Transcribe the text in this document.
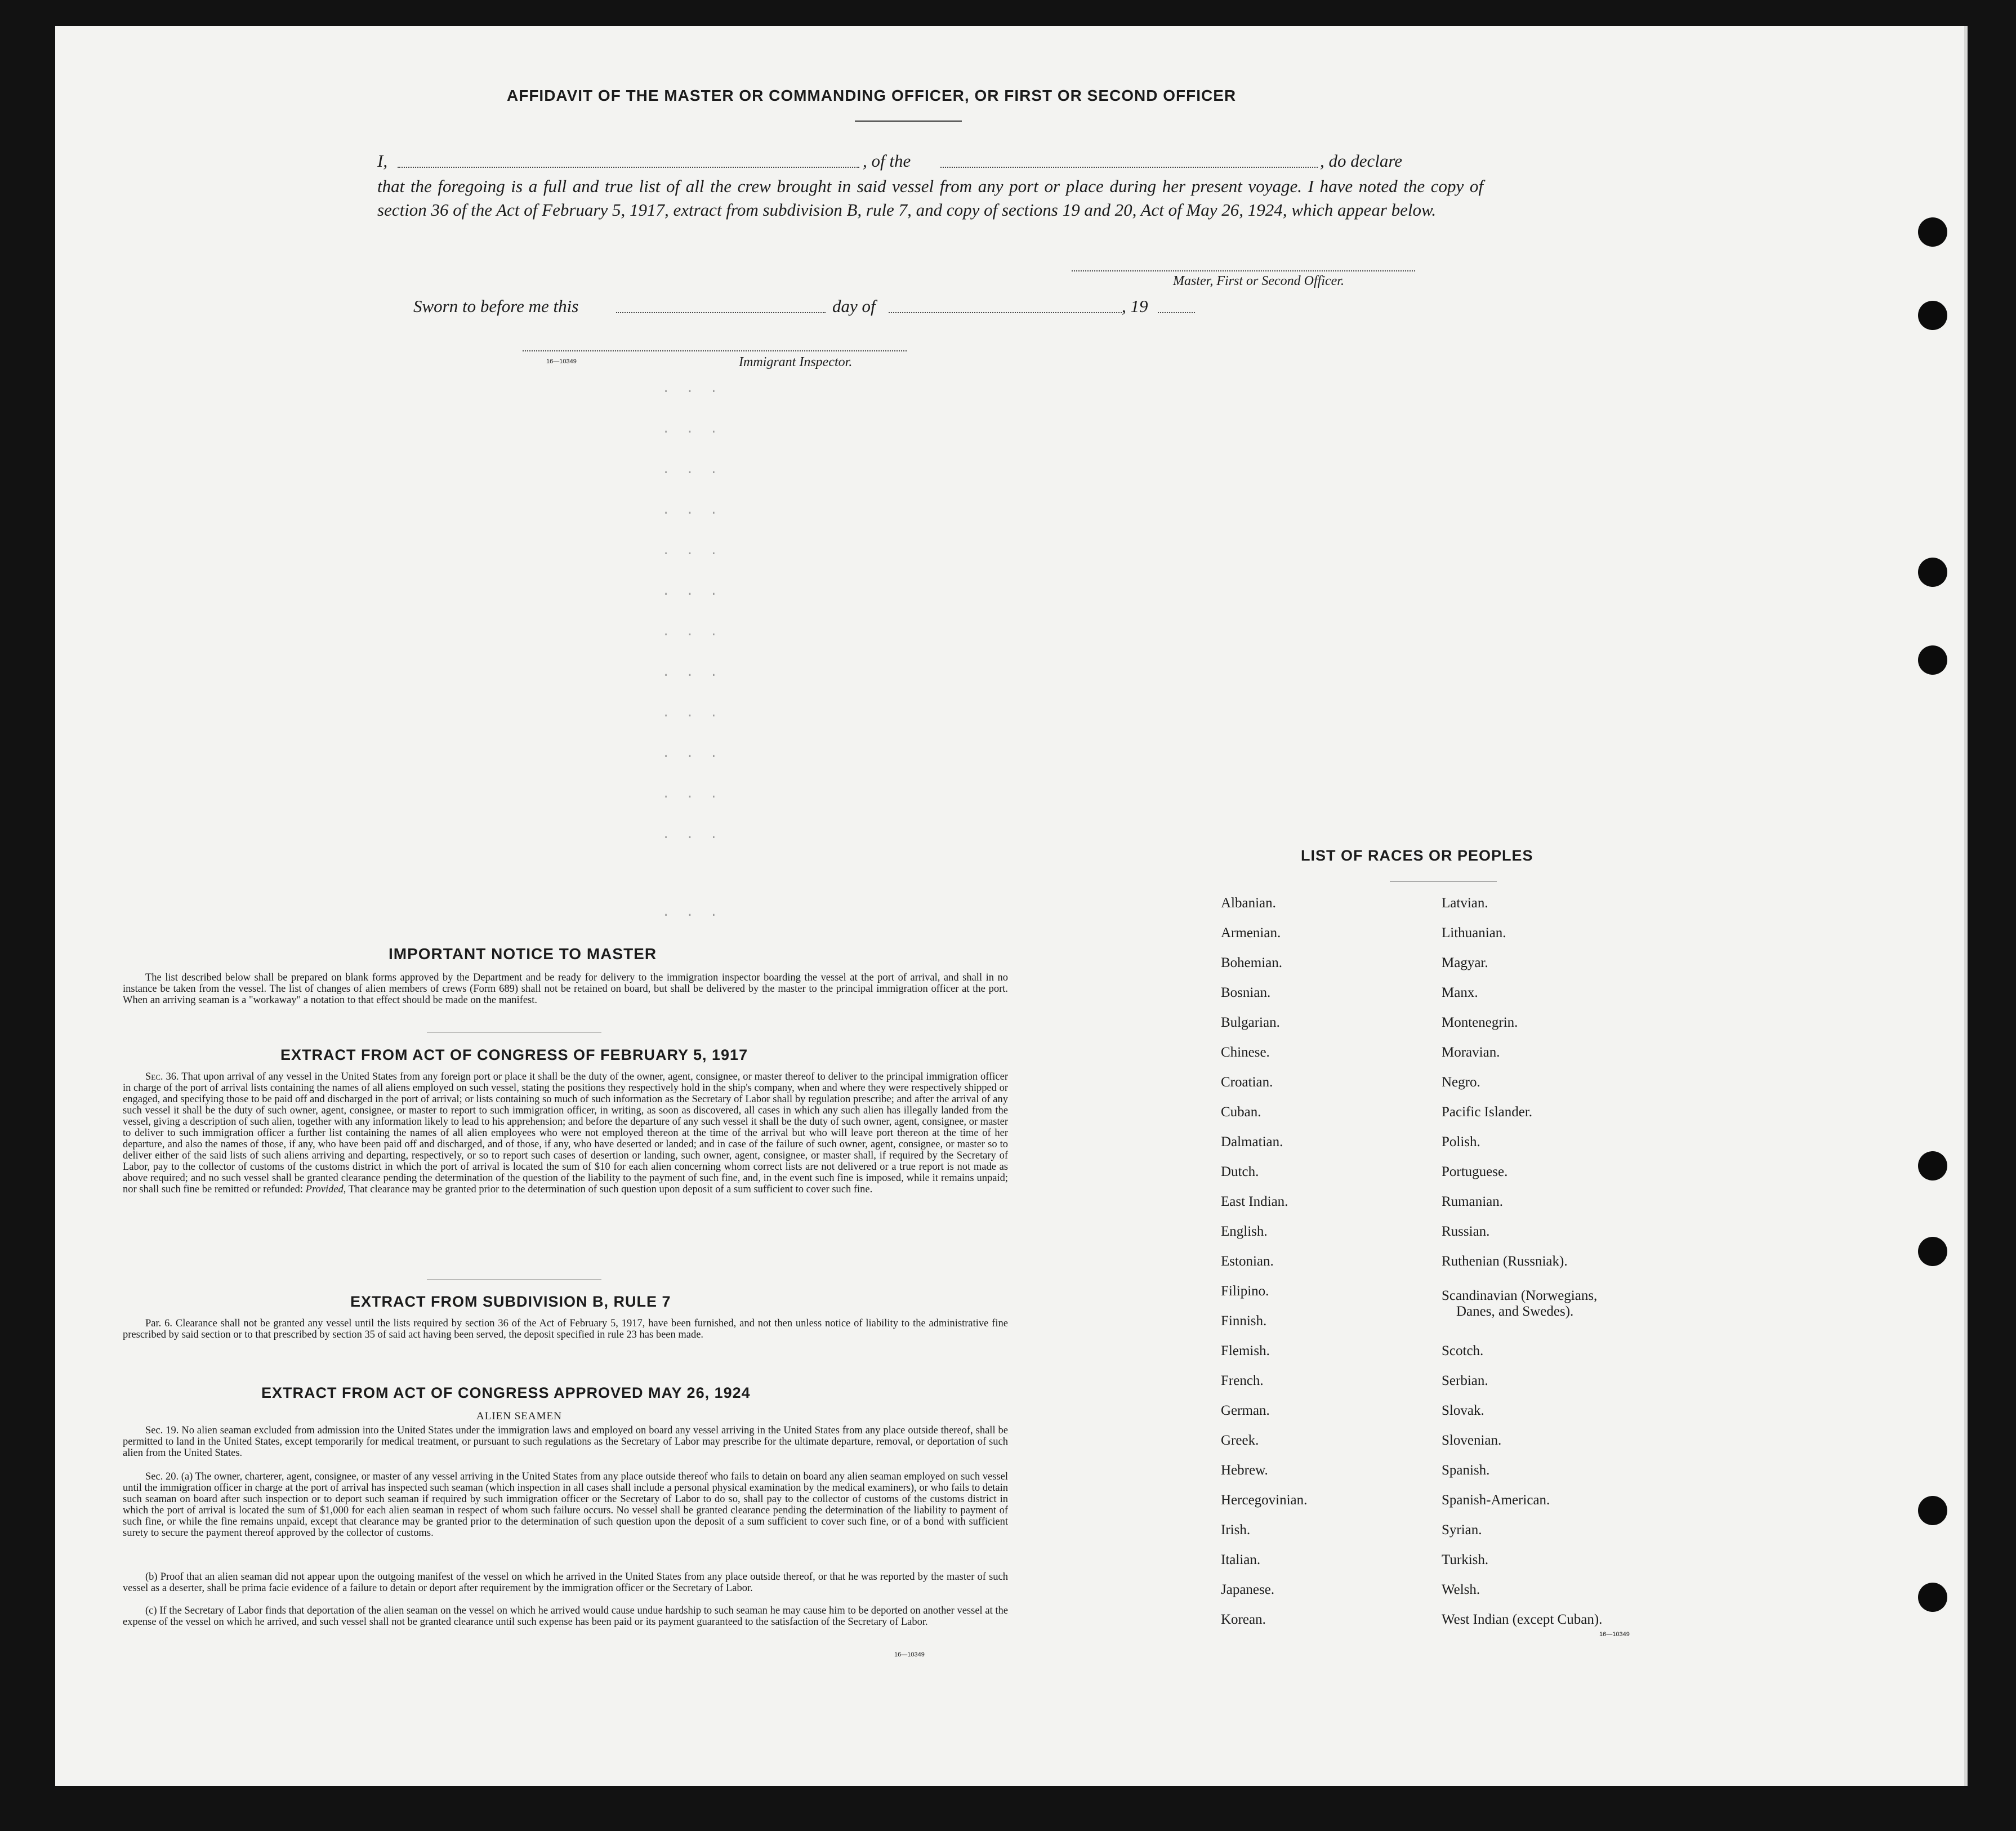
AFFIDAVIT OF THE MASTER OR COMMANDING OFFICER, OR FIRST OR SECOND OFFICER
I,	, of the	, do declare
that the foregoing is a full and true list of all the crew brought in said vessel from any port or place during her present voyage. I have noted the copy of section 36 of the Act of February 5, 1917, extract from subdivision B, rule 7, and copy of sections 19 and 20, Act of May 26, 1924, which appear below.
Master, First or Second Officer.
Sworn to before me this	day of	, 19
16—10349	Immigrant Inspector.
. . .
. . .
. . .
. . .
. . .
. . .
. . .
. . .
. . .
. . .
. . .
. . .
. . .
IMPORTANT NOTICE TO MASTER
The list described below shall be prepared on blank forms approved by the Department and be ready for delivery to the immigration inspector boarding the vessel at the port of arrival, and shall in no instance be taken from the vessel. The list of changes of alien members of crews (Form 689) shall not be retained on board, but shall be delivered by the master to the principal immigration officer at the port. When an arriving seaman is a "workaway" a notation to that effect should be made on the manifest.
EXTRACT FROM ACT OF CONGRESS OF FEBRUARY 5, 1917
Sec. 36. That upon arrival of any vessel in the United States from any foreign port or place it shall be the duty of the owner, agent, consignee, or master thereof to deliver to the principal immigration officer in charge of the port of arrival lists containing the names of all aliens employed on such vessel, stating the positions they respectively hold in the ship's company, when and where they were respectively shipped or engaged, and specifying those to be paid off and discharged in the port of arrival; or lists containing so much of such information as the Secretary of Labor shall by regulation prescribe; and after the arrival of any such vessel it shall be the duty of such owner, agent, consignee, or master to report to such immigration officer, in writing, as soon as discovered, all cases in which any such alien has illegally landed from the vessel, giving a description of such alien, together with any information likely to lead to his apprehension; and before the departure of any such vessel it shall be the duty of such owner, agent, consignee, or master to deliver to such immigration officer a further list containing the names of all alien employees who were not employed thereon at the time of the arrival but who will leave port thereon at the time of her departure, and also the names of those, if any, who have been paid off and discharged, and of those, if any, who have deserted or landed; and in case of the failure of such owner, agent, consignee, or master so to deliver either of the said lists of such aliens arriving and departing, respectively, or so to report such cases of desertion or landing, such owner, agent, consignee, or master shall, if required by the Secretary of Labor, pay to the collector of customs of the customs district in which the port of arrival is located the sum of $10 for each alien concerning whom correct lists are not delivered or a true report is not made as above required; and no such vessel shall be granted clearance pending the determination of the question of the liability to the payment of such fine, and, in the event such fine is imposed, while it remains unpaid; nor shall such fine be remitted or refunded: Provided, That clearance may be granted prior to the determination of such question upon deposit of a sum sufficient to cover such fine.
EXTRACT FROM SUBDIVISION B, RULE 7
Par. 6. Clearance shall not be granted any vessel until the lists required by section 36 of the Act of February 5, 1917, have been furnished, and not then unless notice of liability to the administrative fine prescribed by said section or to that prescribed by section 35 of said act having been served, the deposit specified in rule 23 has been made.
EXTRACT FROM ACT OF CONGRESS APPROVED MAY 26, 1924
ALIEN SEAMEN
Sec. 19. No alien seaman excluded from admission into the United States under the immigration laws and employed on board any vessel arriving in the United States from any place outside thereof, shall be permitted to land in the United States, except temporarily for medical treatment, or pursuant to such regulations as the Secretary of Labor may prescribe for the ultimate departure, removal, or deportation of such alien from the United States.
Sec. 20. (a) The owner, charterer, agent, consignee, or master of any vessel arriving in the United States from any place outside thereof who fails to detain on board any alien seaman employed on such vessel until the immigration officer in charge at the port of arrival has inspected such seaman (which inspection in all cases shall include a personal physical examination by the medical examiners), or who fails to detain such seaman on board after such inspection or to deport such seaman if required by such immigration officer or the Secretary of Labor to do so, shall pay to the collector of customs of the customs district in which the port of arrival is located the sum of $1,000 for each alien seaman in respect of whom such failure occurs. No vessel shall be granted clearance pending the determination of the liability to payment of such fine, or while the fine remains unpaid, except that clearance may be granted prior to the determination of such question upon the deposit of a sum sufficient to cover such fine, or of a bond with sufficient surety to secure the payment thereof approved by the collector of customs.
(b) Proof that an alien seaman did not appear upon the outgoing manifest of the vessel on which he arrived in the United States from any place outside thereof, or that he was reported by the master of such vessel as a deserter, shall be prima facie evidence of a failure to detain or deport after requirement by the immigration officer or the Secretary of Labor.
(c) If the Secretary of Labor finds that deportation of the alien seaman on the vessel on which he arrived would cause undue hardship to such seaman he may cause him to be deported on another vessel at the expense of the vessel on which he arrived, and such vessel shall not be granted clearance until such expense has been paid or its payment guaranteed to the satisfaction of the Secretary of Labor.
16—10349
LIST OF RACES OR PEOPLES
Albanian.
Armenian.
Bohemian.
Bosnian.
Bulgarian.
Chinese.
Croatian.
Cuban.
Dalmatian.
Dutch.
East Indian.
English.
Estonian.
Filipino.
Finnish.
Flemish.
French.
German.
Greek.
Hebrew.
Hercegovinian.
Irish.
Italian.
Japanese.
Korean.
Latvian.
Lithuanian.
Magyar.
Manx.
Montenegrin.
Moravian.
Negro.
Pacific Islander.
Polish.
Portuguese.
Rumanian.
Russian.
Ruthenian (Russniak).
Scandinavian (Norwegians,
Danes, and Swedes).
Scotch.
Serbian.
Slovak.
Slovenian.
Spanish.
Spanish-American.
Syrian.
Turkish.
Welsh.
West Indian (except Cuban).
16—10349
